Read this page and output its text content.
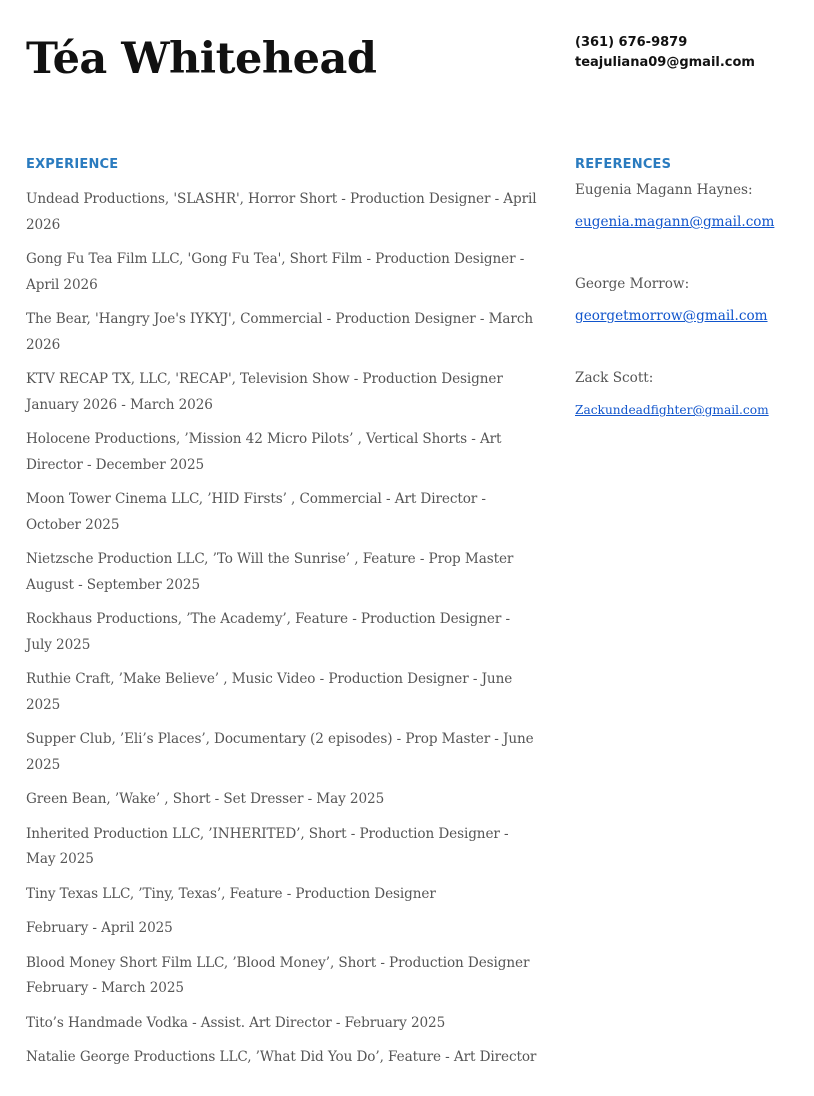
Téa Whitehead	(361) 676-9879
teajuliana09@gmail.com
EXPERIENCE	REFERENCES
Undead Productions, 'SLASHR', Horror Short - Production Designer - April
2026
Gong Fu Tea Film LLC, 'Gong Fu Tea', Short Film - Production Designer -
April 2026
The Bear, 'Hangry Joe's IYKYJ', Commercial - Production Designer - March
2026
KTV RECAP TX, LLC, 'RECAP', Television Show - Production Designer
January 2026 - March 2026
Holocene Productions, ’Mission 42 Micro Pilots’ , Vertical Shorts - Art
Director - December 2025
Moon Tower Cinema LLC, ’HID Firsts’ , Commercial - Art Director -
October 2025
Nietzsche Production LLC, ’To Will the Sunrise’ , Feature - Prop Master
August - September 2025
Rockhaus Productions, ’The Academy’, Feature - Production Designer -
July 2025
Ruthie Craft, ’Make Believe’ , Music Video - Production Designer - June
2025
Supper Club, ’Eli’s Places’, Documentary (2 episodes) - Prop Master - June
2025
Green Bean, ’Wake’ , Short - Set Dresser - May 2025
Inherited Production LLC, ’INHERITED’, Short - Production Designer -
May 2025
Tiny Texas LLC, ’Tiny, Texas’, Feature - Production Designer
February - April 2025
Blood Money Short Film LLC, ’Blood Money’, Short - Production Designer
February - March 2025
Tito’s Handmade Vodka - Assist. Art Director - February 2025
Natalie George Productions LLC, ’What Did You Do’, Feature - Art Director
Eugenia Magann Haynes:
eugenia.magann@gmail.com
George Morrow:
georgetmorrow@gmail.com
Zack Scott:
Zackundeadfighter@gmail.com
